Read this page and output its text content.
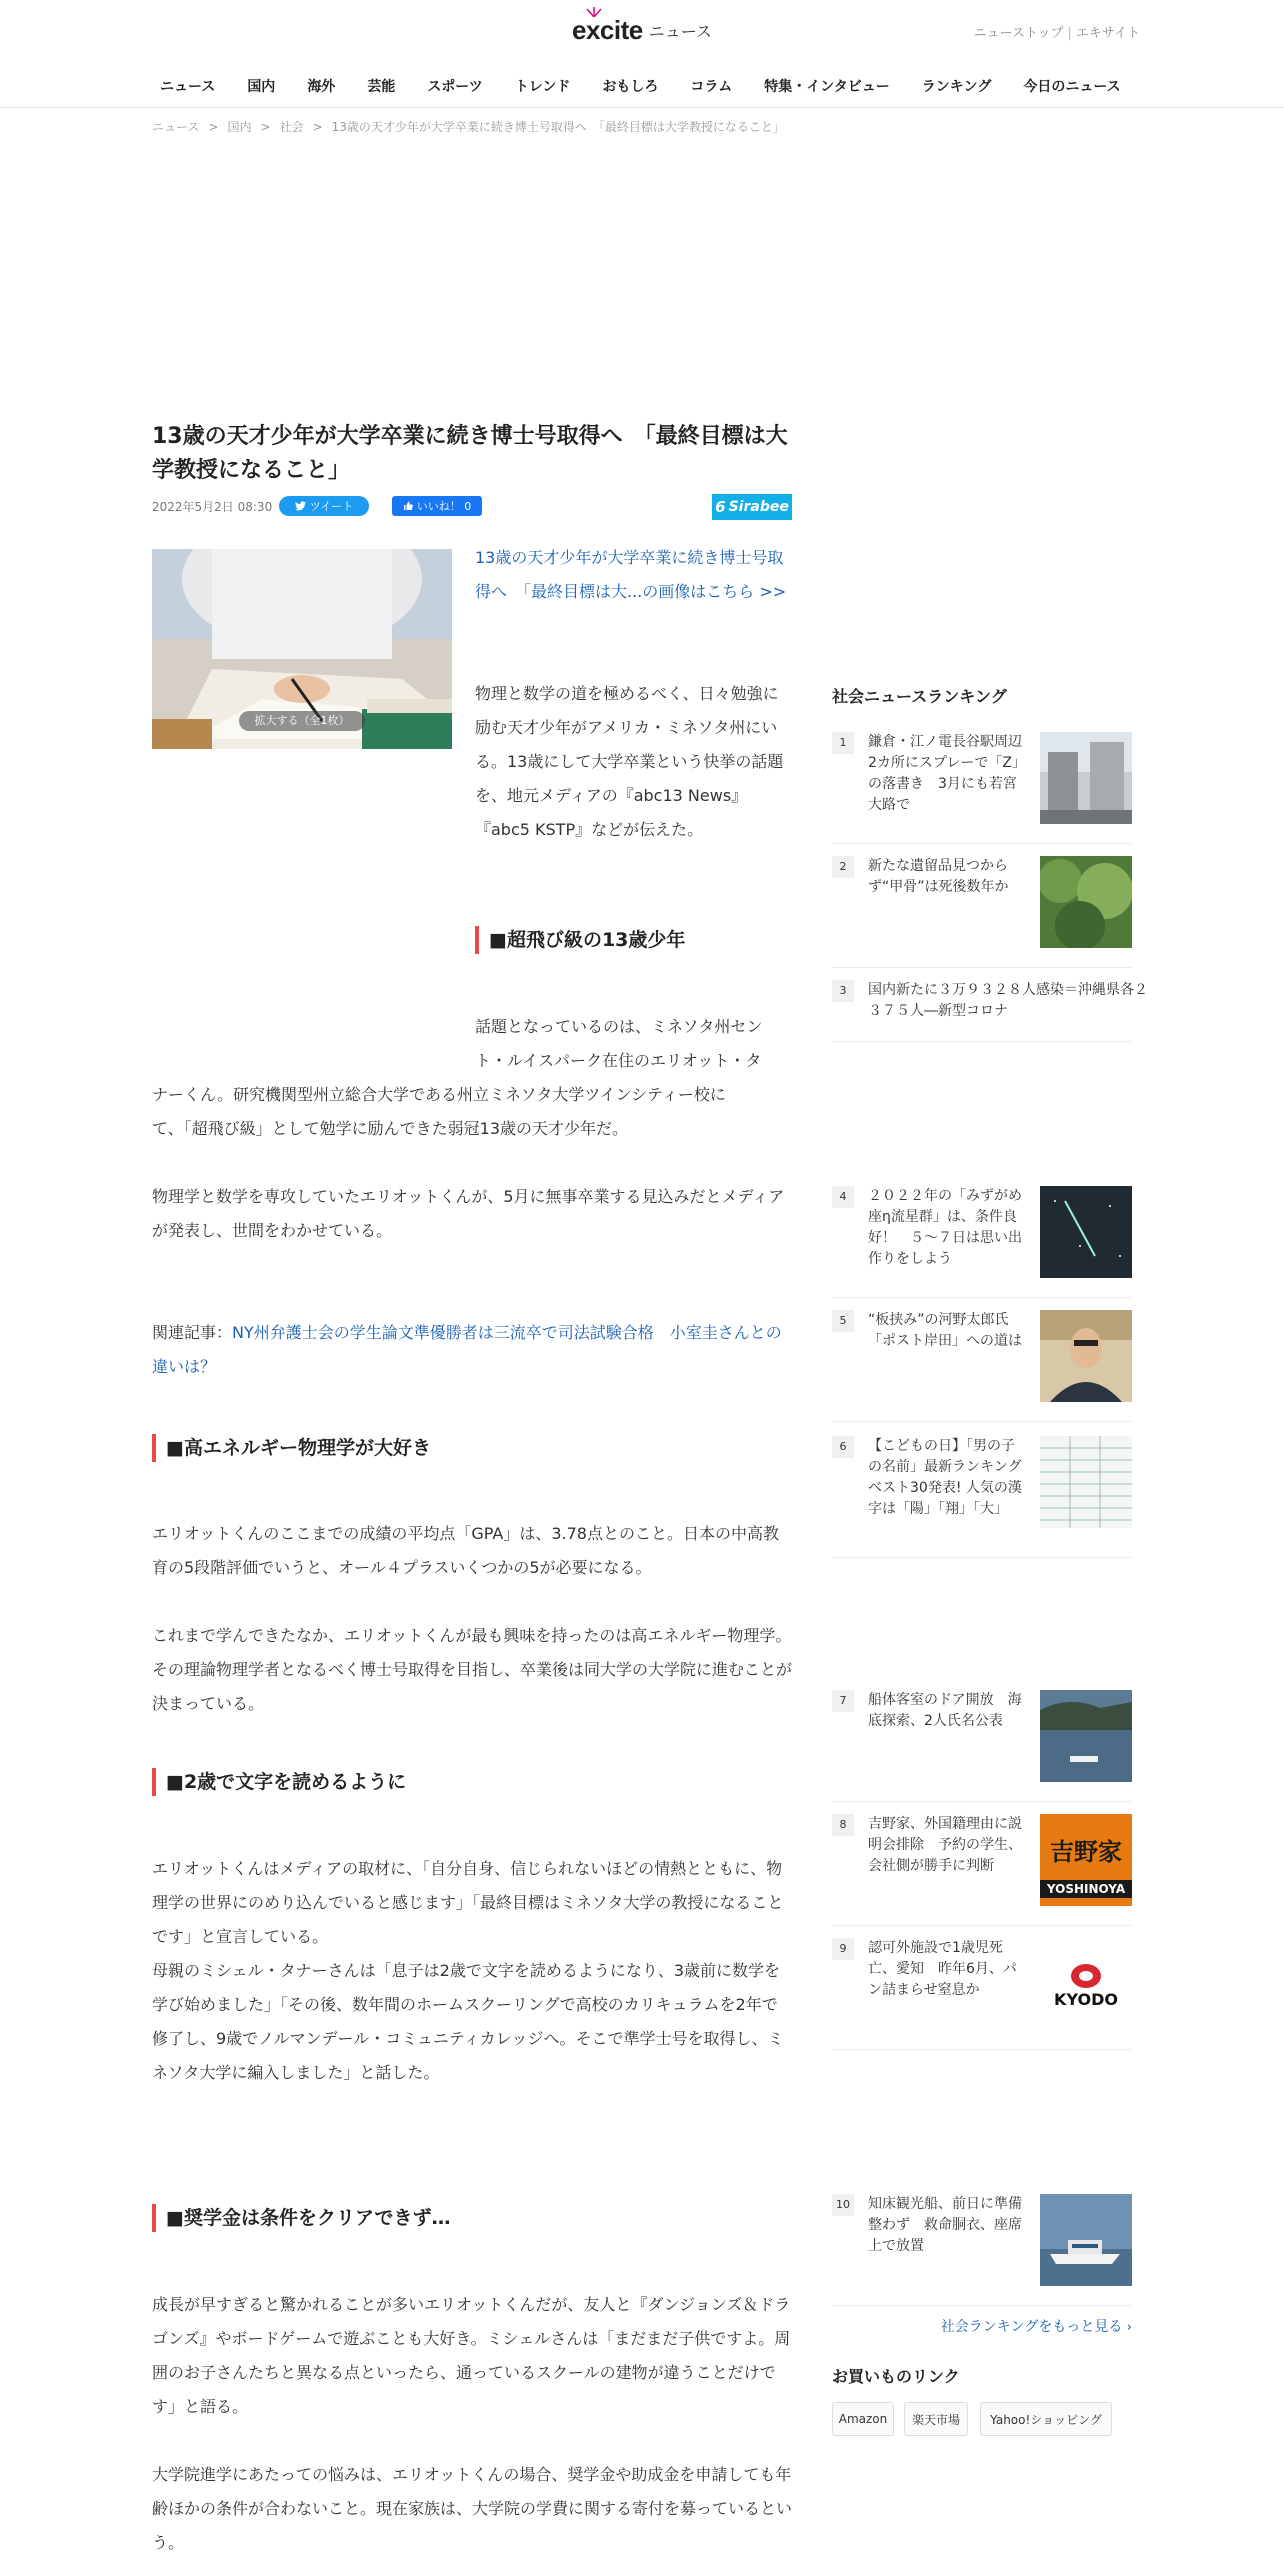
excite ニュース	ニューストップ | エキサイト
ニュース	国内	海外	芸能	スポーツ	トレンド	おもしろ	コラム	特集・インタビュー	ランキング	今日のニュース
ニュース > 国内 > 社会 > 13歳の天才少年が大学卒業に続き博士号取得へ　「最終目標は大学教授になること」
13歳の天才少年が大学卒業に続き博士号取得へ　「最終目標は大学教授になること」
2022年5月2日 08:30	ツイート	いいね！ 0	6 Sirabee
拡大する（全1枚）
13歳の天才少年が大学卒業に続き博士号取得へ　「最終目標は大...の画像はこちら >>
物理と数学の道を極めるべく、日々勉強に励む天才少年がアメリカ・ミネソタ州にいる。13歳にして大学卒業という快挙の話題を、地元メディアの『abc13 News』『abc5 KSTP』などが伝えた。
■超飛び級の13歳少年
話題となっているのは、ミネソタ州セン
ト・ルイスパーク在住のエリオット・タ
ナーくん。研究機関型州立総合大学である州立ミネソタ大学ツインシティー校に
て、「超飛び級」として勉学に励んできた弱冠13歳の天才少年だ。
物理学と数学を専攻していたエリオットくんが、5月に無事卒業する見込みだとメディアが発表し、世間をわかせている。
関連記事：NY州弁護士会の学生論文準優勝者は三流卒で司法試験合格　小室圭さんとの違いは？
■高エネルギー物理学が大好き
エリオットくんのここまでの成績の平均点「GPA」は、3.78点とのこと。日本の中高教育の5段階評価でいうと、オール４プラスいくつかの5が必要になる。
これまで学んできたなか、エリオットくんが最も興味を持ったのは高エネルギー物理学。その理論物理学者となるべく博士号取得を目指し、卒業後は同大学の大学院に進むことが決まっている。
■2歳で文字を読めるように
エリオットくんはメディアの取材に、「自分自身、信じられないほどの情熱とともに、物理学の世界にのめり込んでいると感じます」「最終目標はミネソタ大学の教授になることです」と宣言している。
母親のミシェル・タナーさんは「息子は2歳で文字を読めるようになり、3歳前に数学を学び始めました」「その後、数年間のホームスクーリングで高校のカリキュラムを2年で修了し、9歳でノルマンデール・コミュニティカレッジへ。そこで準学士号を取得し、ミネソタ大学に編入しました」と話した。
■奨学金は条件をクリアできず…
成長が早すぎると驚かれることが多いエリオットくんだが、友人と『ダンジョンズ＆ドラゴンズ』やボードゲームで遊ぶことも大好き。ミシェルさんは「まだまだ子供ですよ。周囲のお子さんたちと異なる点といったら、通っているスクールの建物が違うことだけです」と語る。
大学院進学にあたっての悩みは、エリオットくんの場合、奨学金や助成金を申請しても年齢ほかの条件が合わないこと。現在家族は、大学院の学費に関する寄付を募っているという。
社会ニュースランキング
1	鎌倉・江ノ電長谷駅周辺2カ所にスプレーで「Z」の落書き　3月にも若宮大路で
2	新たな遺留品見つからず“甲骨”は死後数年か
3	国内新たに３万９３２８人感染＝沖縄県各２３７５人―新型コロナ
4	２０２２年の「みずがめ座η流星群」は、条件良好！　５～７日は思い出作りをしよう
5	“板挟み”の河野太郎氏「ポスト岸田」への道は
6	【こどもの日】「男の子の名前」最新ランキングベスト30発表! 人気の漢字は「陽」「翔」「大」
7	船体客室のドア開放　海底探索、2人氏名公表
8	吉野家、外国籍理由に説明会排除　予約の学生、会社側が勝手に判断	吉野家
YOSHINOYA
9	認可外施設で1歳児死亡、愛知　昨年6月、パン詰まらせ窒息か	KYODO
10 知床観光船、前日に準備整わず　救命胴衣、座席上で放置
社会ランキングをもっと見る ›
お買いものリンク
Amazon	楽天市場	Yahoo!ショッピング
